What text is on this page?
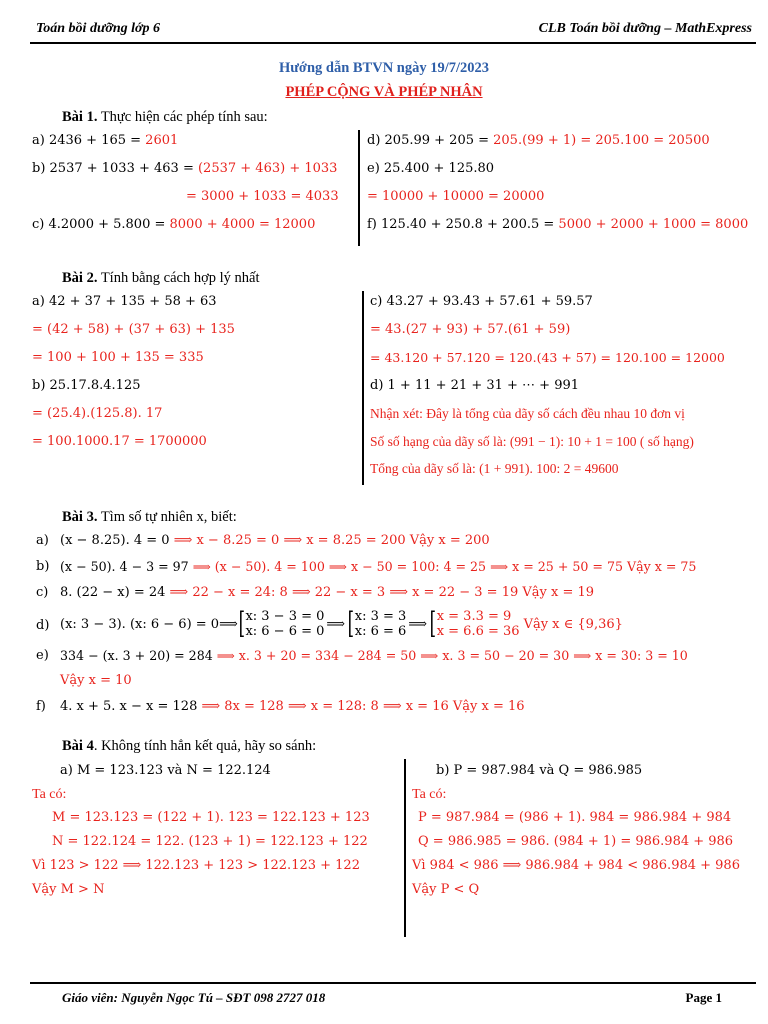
Toán bồi dưỡng lớp 6	CLB Toán bồi dưỡng – MathExpress
Hướng dẫn BTVN ngày 19/7/2023
PHÉP CỘNG VÀ PHÉP NHÂN
Bài 1. Thực hiện các phép tính sau:
a) 2436 + 165 = 2601
b) 2537 + 1033 + 463 = (2537 + 463) + 1033
= 3000 + 1033 = 4033
c) 4.2000 + 5.800 = 8000 + 4000 = 12000
d) 205.99 + 205 = 205.(99 + 1) = 205.100 = 20500
e) 25.400 + 125.80
= 10000 + 10000 = 20000
f) 125.40 + 250.8 + 200.5 = 5000 + 2000 + 1000 = 8000
Bài 2. Tính bằng cách hợp lý nhất
a) 42 + 37 + 135 + 58 + 63
= (42 + 58) + (37 + 63) + 135
= 100 + 100 + 135 = 335
b) 25.17.8.4.125
= (25.4).(125.8). 17
= 100.1000.17 = 1700000
c) 43.27 + 93.43 + 57.61 + 59.57
= 43.(27 + 93) + 57.(61 + 59)
= 43.120 + 57.120 = 120.(43 + 57) = 120.100 = 12000
d) 1 + 11 + 21 + 31 + ⋯ + 991
Nhận xét: Đây là tổng của dãy số cách đều nhau 10 đơn vị
Số số hạng của dãy số là: (991 − 1): 10 + 1 = 100 ( số hạng)
Tổng của dãy số là: (1 + 991). 100: 2 = 49600
Bài 3. Tìm số tự nhiên x, biết:
a) (x − 8.25). 4 = 0 ⟹ x − 8.25 = 0 ⟹ x = 8.25 = 200 Vậy x = 200
b) (x − 50). 4 − 3 = 97 ⟹ (x − 50). 4 = 100 ⟹ x − 50 = 100: 4 = 25 ⟹ x = 25 + 50 = 75 Vậy x = 75
c) 8. (22 − x) = 24 ⟹ 22 − x = 24: 8 ⟹ 22 − x = 3 ⟹ x = 22 − 3 = 19 Vậy x = 19
d) (x: 3 − 3). (x: 6 − 6) = 0 ⟹ [ x: 3 − 3 = 0
x: 6 − 6 = 0 ⟹ [ x: 3 = 3
x: 6 = 6 ⟹ [ x = 3.3 = 9
x = 6.6 = 36 Vậy x ∈ {9,36}
e) 334 − (x. 3 + 20) = 284 ⟹ x. 3 + 20 = 334 − 284 = 50 ⟹ x. 3 = 50 − 20 = 30 ⟹ x = 30: 3 = 10
Vậy x = 10
f) 4. x + 5. x − x = 128 ⟹ 8x = 128 ⟹ x = 128: 8 ⟹ x = 16 Vậy x = 16
Bài 4. Không tính hẳn kết quả, hãy so sánh:
a) M = 123.123 và N = 122.124
Ta có:
M = 123.123 = (122 + 1). 123 = 122.123 + 123
N = 122.124 = 122. (123 + 1) = 122.123 + 122
Vì 123 > 122 ⟹ 122.123 + 123 > 122.123 + 122
Vậy M > N
b) P = 987.984 và Q = 986.985
Ta có:
P = 987.984 = (986 + 1). 984 = 986.984 + 984
Q = 986.985 = 986. (984 + 1) = 986.984 + 986
Vì 984 < 986 ⟹ 986.984 + 984 < 986.984 + 986
Vậy P < Q
Giáo viên: Nguyễn Ngọc Tú – SĐT 098 2727 018	Page 1
